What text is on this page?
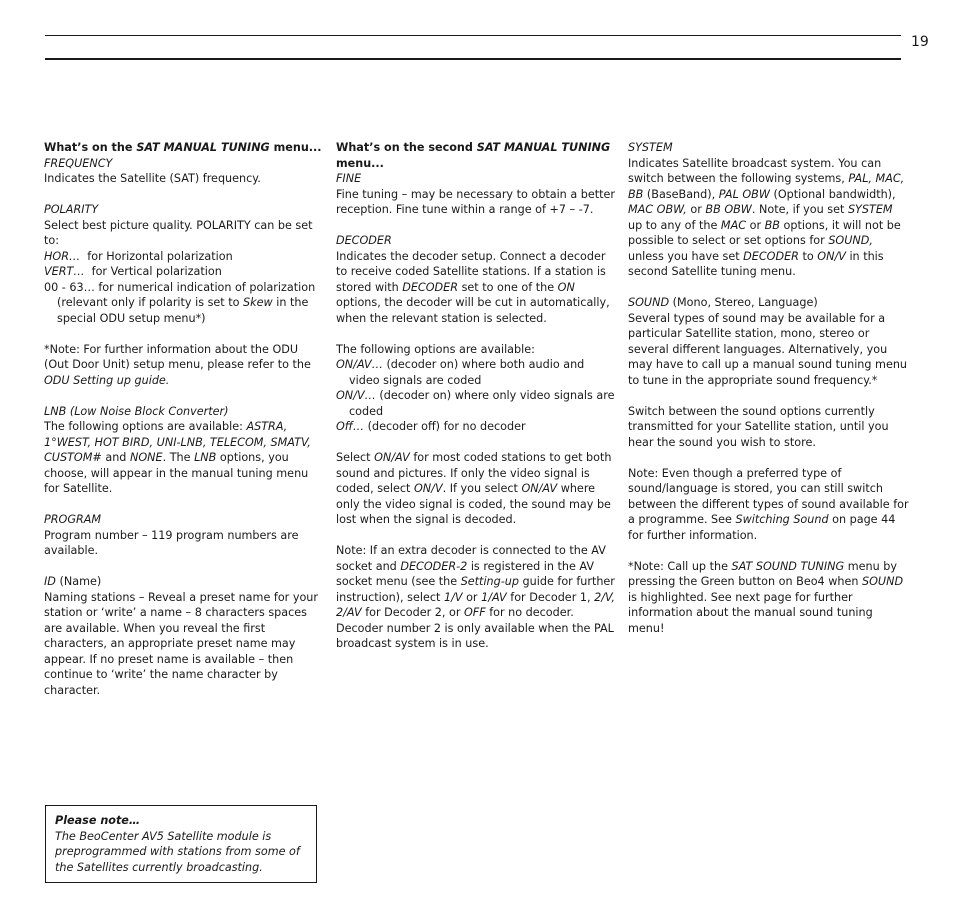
19

What’s on the SAT MANUAL TUNING menu...

FREQUENCY

Indicates the Satellite (SAT) frequency.

POLARITY

Select best picture quality. POLARITY can be set to:

HOR…  for Horizontal polarization

VERT…  for Vertical polarization

00 - 63… for numerical indication of polarization (relevant only if polarity is set to Skew in the special ODU setup menu*)

*Note: For further information about the ODU (Out Door Unit) setup menu, please refer to the ODU Setting up guide.

LNB (Low Noise Block Converter)

The following options are available: ASTRA, 1°WEST, HOT BIRD, UNI-LNB, TELECOM, SMATV, CUSTOM# and NONE. The LNB options, you choose, will appear in the manual tuning menu for Satellite.

PROGRAM

Program number – 119 program numbers are available.

ID (Name)

Naming stations – Reveal a preset name for your station or ‘write’ a name – 8 characters spaces are available. When you reveal the first characters, an appropriate preset name may appear. If no preset name is available – then continue to ‘write’ the name character by character.

What’s on the second SAT MANUAL TUNING menu...

FINE

Fine tuning – may be necessary to obtain a better reception. Fine tune within a range of +7 – -7.

DECODER

Indicates the decoder setup. Connect a decoder to receive coded Satellite stations. If a station is stored with DECODER set to one of the ON options, the decoder will be cut in automatically, when the relevant station is selected.

The following options are available:

ON/AV… (decoder on) where both audio and video signals are coded

ON/V… (decoder on) where only video signals are coded

Off… (decoder off) for no decoder

Select ON/AV for most coded stations to get both sound and pictures. If only the video signal is coded, select ON/V. If you select ON/AV where only the video signal is coded, the sound may be lost when the signal is decoded.

Note: If an extra decoder is connected to the AV socket and DECODER-2 is registered in the AV socket menu (see the Setting-up guide for further instruction), select 1/V or 1/AV for Decoder 1, 2/V, 2/AV for Decoder 2, or OFF for no decoder. Decoder number 2 is only available when the PAL broadcast system is in use.

SYSTEM

Indicates Satellite broadcast system. You can switch between the following systems, PAL, MAC, BB (BaseBand), PAL OBW (Optional bandwidth), MAC OBW, or BB OBW. Note, if you set SYSTEM up to any of the MAC or BB options, it will not be possible to select or set options for SOUND, unless you have set DECODER to ON/V in this second Satellite tuning menu.

SOUND (Mono, Stereo, Language)

Several types of sound may be available for a particular Satellite station, mono, stereo or several different languages. Alternatively, you may have to call up a manual sound tuning menu to tune in the appropriate sound frequency.*

Switch between the sound options currently transmitted for your Satellite station, until you hear the sound you wish to store.

Note: Even though a preferred type of sound/language is stored, you can still switch between the different types of sound available for a programme. See Switching Sound on page 44 for further information.

*Note: Call up the SAT SOUND TUNING menu by pressing the Green button on Beo4 when SOUND is highlighted. See next page for further information about the manual sound tuning menu!

Please note…

The BeoCenter AV5 Satellite module is preprogrammed with stations from some of the Satellites currently broadcasting.
